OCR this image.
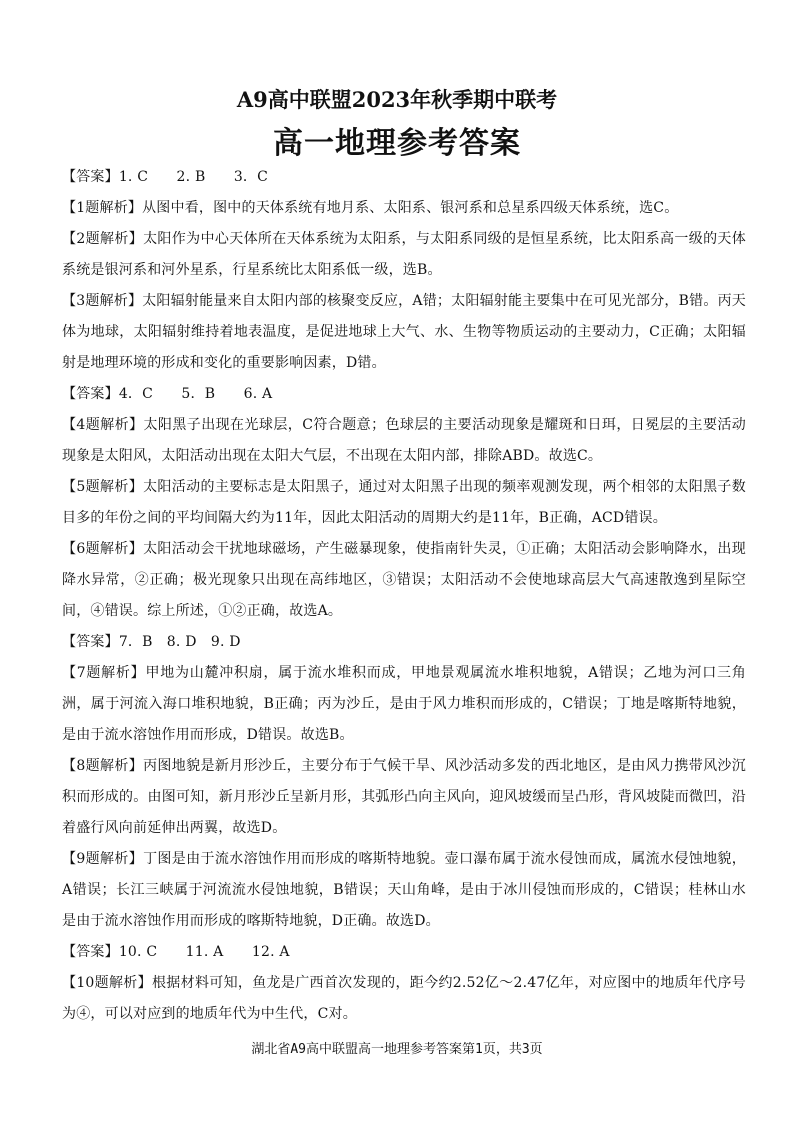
A9高中联盟2023年秋季期中联考
高一地理参考答案

【答案】1. C　　2. B　　3．C

【1题解析】从图中看，图中的天体系统有地月系、太阳系、银河系和总星系四级天体系统，选C。

【2题解析】太阳作为中心天体所在天体系统为太阳系，与太阳系同级的是恒星系统，比太阳系高一级的天体系统是银河系和河外星系，行星系统比太阳系低一级，选B。

【3题解析】太阳辐射能量来自太阳内部的核聚变反应，A错；太阳辐射能主要集中在可见光部分，B错。丙天体为地球，太阳辐射维持着地表温度，是促进地球上大气、水、生物等物质运动的主要动力，C正确；太阳辐射是地理环境的形成和变化的重要影响因素，D错。

【答案】4．C　　5．B　　6. A

【4题解析】太阳黑子出现在光球层，C符合题意；色球层的主要活动现象是耀斑和日珥，日冕层的主要活动现象是太阳风，太阳活动出现在太阳大气层，不出现在太阳内部，排除ABD。故选C。

【5题解析】太阳活动的主要标志是太阳黑子，通过对太阳黑子出现的频率观测发现，两个相邻的太阳黑子数目多的年份之间的平均间隔大约为11年，因此太阳活动的周期大约是11年，B正确，ACD错误。

【6题解析】太阳活动会干扰地球磁场，产生磁暴现象，使指南针失灵，①正确；太阳活动会影响降水，出现降水异常，②正确；极光现象只出现在高纬地区，③错误；太阳活动不会使地球高层大气高速散逸到星际空间，④错误。综上所述，①②正确，故选A。

【答案】7．B　8. D　9. D

【7题解析】甲地为山麓冲积扇，属于流水堆积而成，甲地景观属流水堆积地貌，A错误；乙地为河口三角洲，属于河流入海口堆积地貌，B正确；丙为沙丘，是由于风力堆积而形成的，C错误；丁地是喀斯特地貌，是由于流水溶蚀作用而形成，D错误。故选B。

【8题解析】丙图地貌是新月形沙丘，主要分布于气候干旱、风沙活动多发的西北地区，是由风力携带风沙沉积而形成的。由图可知，新月形沙丘呈新月形，其弧形凸向主风向，迎风坡缓而呈凸形，背风坡陡而微凹，沿着盛行风向前延伸出两翼，故选D。

【9题解析】丁图是由于流水溶蚀作用而形成的喀斯特地貌。壶口瀑布属于流水侵蚀而成，属流水侵蚀地貌，A错误；长江三峡属于河流流水侵蚀地貌，B错误；天山角峰，是由于冰川侵蚀而形成的，C错误；桂林山水是由于流水溶蚀作用而形成的喀斯特地貌，D正确。故选D。

【答案】10. C　　11. A　　12. A

【10题解析】根据材料可知，鱼龙是广西首次发现的，距今约2.52亿～2.47亿年，对应图中的地质年代序号为④，可以对应到的地质年代为中生代，C对。

湖北省A9高中联盟高一地理参考答案第1页，共3页
